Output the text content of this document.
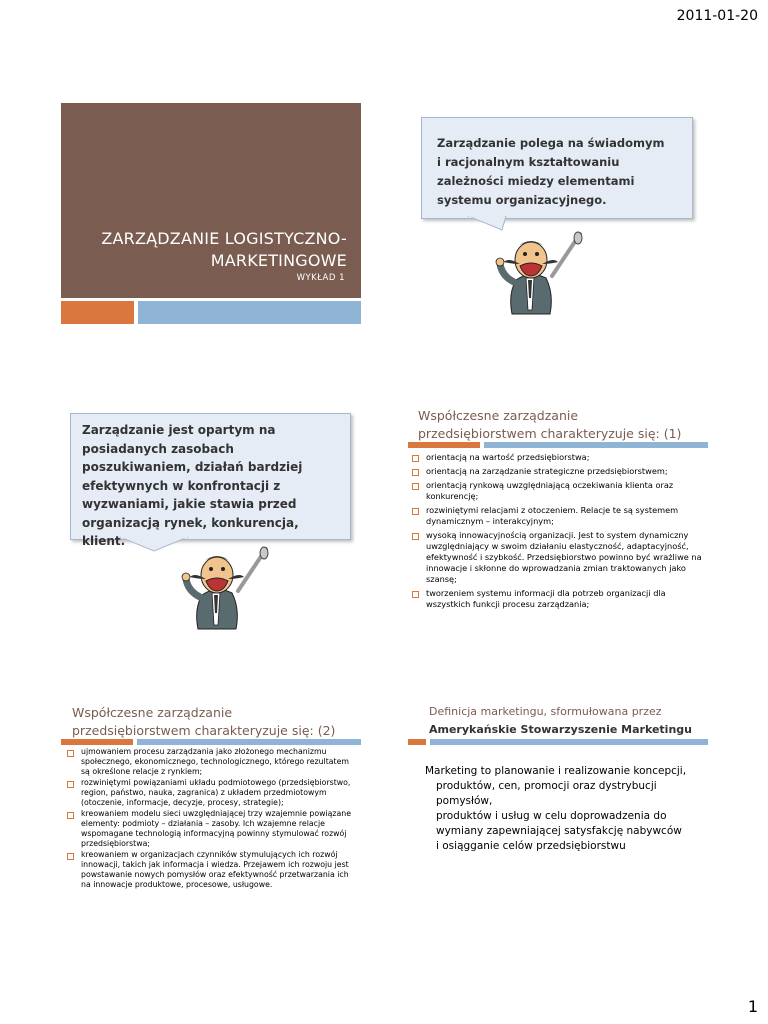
2011-01-20
1
ZARZĄDZANIE LOGISTYCZNO-
MARKETINGOWE
WYKŁAD 1
Zarządzanie polega na świadomym
i racjonalnym kształtowaniu
zależności miedzy elementami
systemu organizacyjnego.
Zarządzanie jest opartym na posiadanych zasobach poszukiwaniem, działań bardziej efektywnych w konfrontacji z wyzwaniami, jakie stawia przed organizacją rynek, konkurencja, klient.
Współczesne zarządzanie
przedsiębiorstwem charakteryzuje się: (1)
orientacją na wartość przedsiębiorstwa;
orientacją na zarządzanie strategiczne przedsiębiorstwem;
orientacją rynkową uwzględniającą oczekiwania klienta oraz konkurencję;
rozwiniętymi relacjami z otoczeniem. Relacje te są systemem dynamicznym – interakcyjnym;
wysoką innowacyjnością organizacji. Jest to system dynamiczny uwzględniający w swoim działaniu elastyczność, adaptacyjność, efektywność i szybkość. Przedsiębiorstwo powinno być wrażliwe na innowacje i skłonne do wprowadzania zmian traktowanych jako szansę;
tworzeniem systemu informacji dla potrzeb organizacji dla wszystkich funkcji procesu zarządzania;
Współczesne zarządzanie
przedsiębiorstwem charakteryzuje się: (2)
ujmowaniem procesu zarządzania jako złożonego mechanizmu społecznego, ekonomicznego, technologicznego, którego rezultatem są określone relacje z rynkiem;
rozwiniętymi powiązaniami układu podmiotowego (przedsiębiorstwo, region, państwo, nauka, zagranica) z układem przedmiotowym (otoczenie, informacje, decyzje, procesy, strategie);
kreowaniem modelu sieci uwzględniającej trzy wzajemnie powiązane elementy: podmioty – działania – zasoby. Ich wzajemne relacje wspomagane technologią informacyjną powinny stymulować rozwój przedsiębiorstwa;
kreowaniem w organizacjach czynników stymulujących ich rozwój innowacji, takich jak informacja i wiedza. Przejawem ich rozwoju jest powstawanie nowych pomysłów oraz efektywność przetwarzania ich na innowacje produktowe, procesowe, usługowe.
Definicja marketingu, sformułowana przez
Amerykańskie Stowarzyszenie Marketingu
Marketing to planowanie i realizowanie koncepcji,
produktów, cen, promocji oraz dystrybucji pomysłów,
produktów i usług w celu doprowadzenia do
wymiany zapewniającej satysfakcję nabywców
i osiągganie celów przedsiębiorstwu
